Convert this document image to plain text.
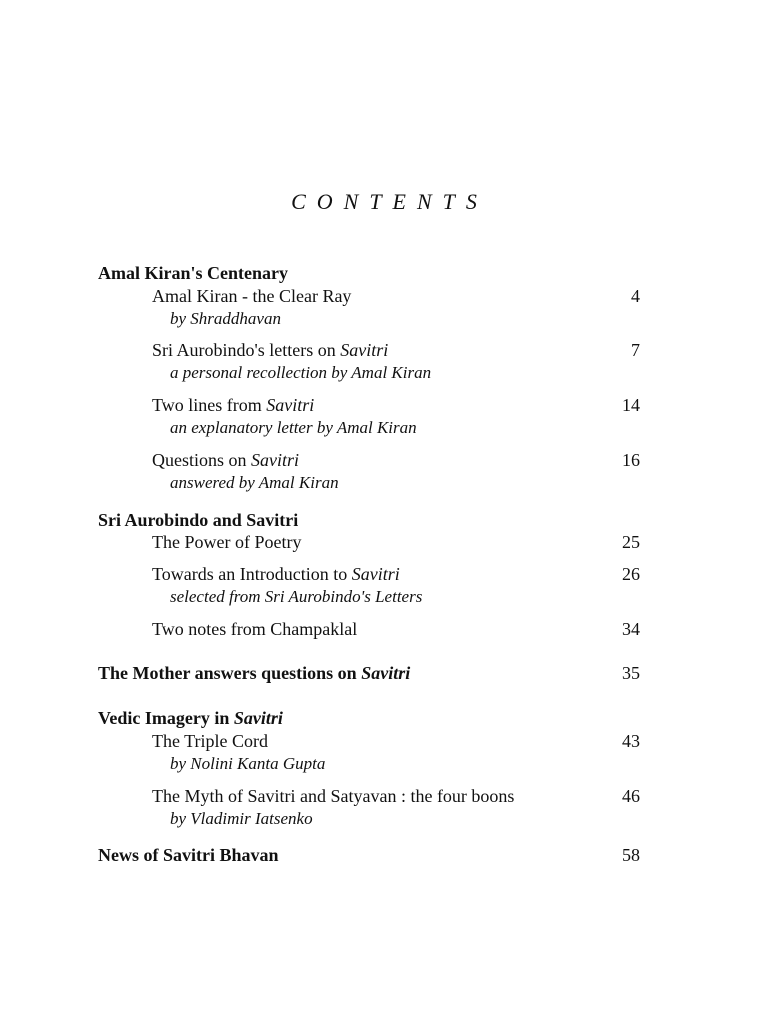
CONTENTS
Amal Kiran's Centenary
Amal Kiran - the Clear Ray	4
by Shraddhavan
Sri Aurobindo's letters on Savitri	7
a personal recollection by Amal Kiran
Two lines from Savitri	14
an explanatory letter by Amal Kiran
Questions on Savitri	16
answered by Amal Kiran
Sri Aurobindo and Savitri
The Power of Poetry	25
Towards an Introduction to Savitri	26
selected from Sri Aurobindo's Letters
Two notes from Champaklal	34
The Mother answers questions on Savitri	35
Vedic Imagery in Savitri
The Triple Cord	43
by Nolini Kanta Gupta
The Myth of Savitri and Satyavan : the four boons	46
by Vladimir Iatsenko
News of Savitri Bhavan	58
